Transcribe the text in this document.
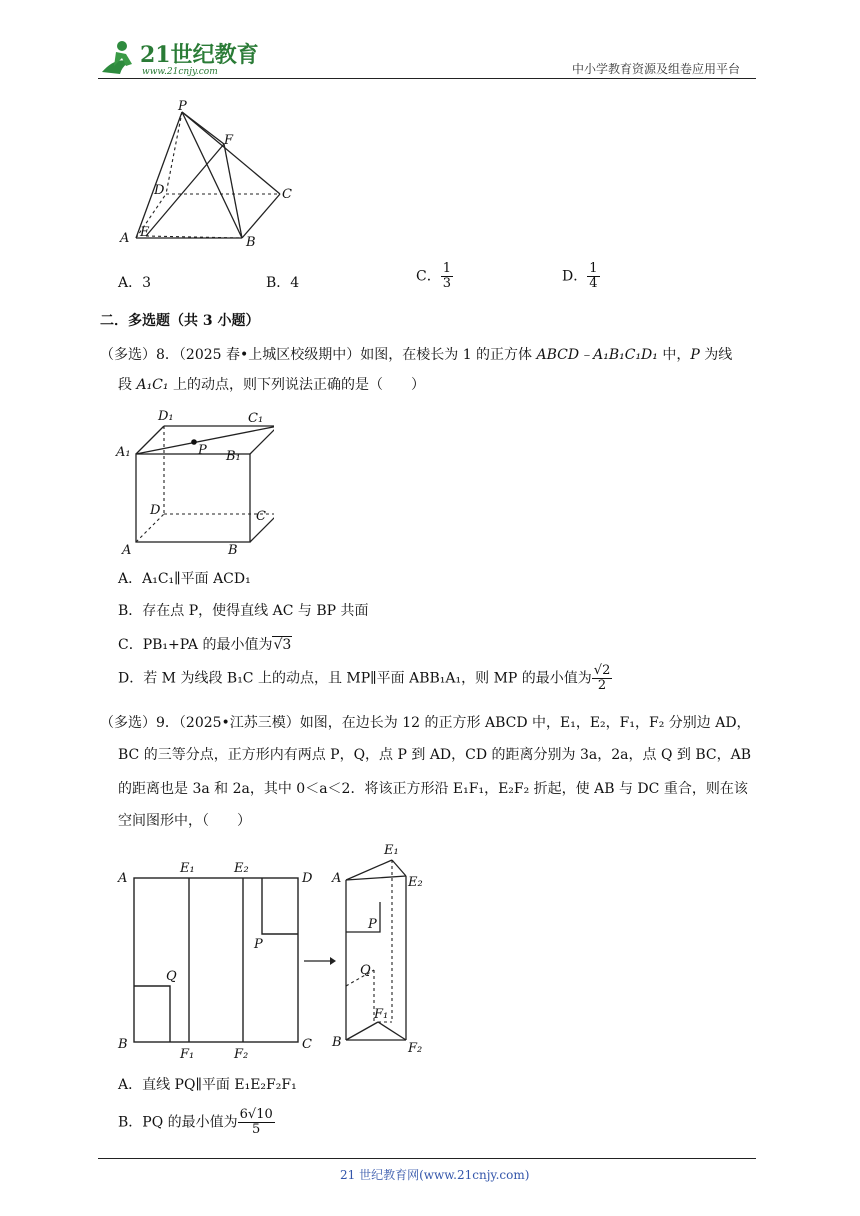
21世纪教育
www.21cnjy.com	中小学教育资源及组卷应用平台
P
F
D	C
A E
B
A．3	B．4	C． $\frac{1}{3}$	D． $\frac{1}{4}$
二．多选题（共 3 小题）
（多选）8．（2025 春•上城区校级期中）如图，在棱长为 1 的正方体 ABCD﹣A₁B₁C₁D₁ 中，P 为线
段 A₁C₁ 上的动点，则下列说法正确的是（　　）
D₁	C₁
A₁	P B₁
D	C
A	B
A．A₁C₁∥平面 ACD₁
B．存在点 P，使得直线 AC 与 BP 共面
C．PB₁+PA 的最小值为√3
D．若 M 为线段 B₁C 上的动点，且 MP∥平面 ABB₁A₁，则 MP 的最小值为 $\frac{√2}{2}$
（多选）9．（2025•江苏三模）如图，在边长为 12 的正方形 ABCD 中，E₁，E₂，F₁，F₂ 分别边 AD，
BC 的三等分点，正方形内有两点 P，Q，点 P 到 AD，CD 的距离分别为 3a，2a，点 Q 到 BC，AB
的距离也是 3a 和 2a，其中 0＜a＜2．将该正方形沿 E₁F₁，E₂F₂ 折起，使 AB 与 DC 重合，则在该
空间图形中，（　　）
A
E₁	E₂
D
P
Q
B
F₁	F₂
C
E₁
A	E₂
P
Q
F₁
B	F₂
A．直线 PQ∥平面 E₁E₂F₂F₁
B．PQ 的最小值为 $\frac{6√10}{5}$
21 世纪教育网(www.21cnjy.com)
